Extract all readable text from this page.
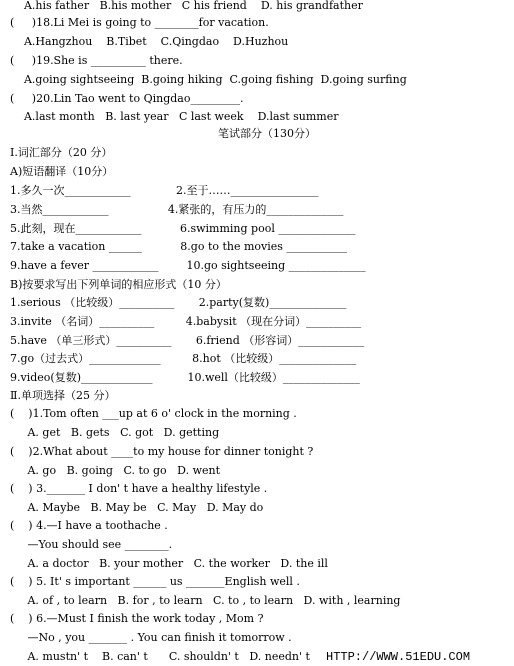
A.his father   B.his mother   C his friend    D. his grandfather
(     )18.Li Mei is going to ________for vacation.
A.Hangzhou    B.Tibet    C.Qingdao    D.Huzhou
(     )19.She is __________ there.
A.going sightseeing  B.going hiking  C.going fishing  D.going surfing
(     )20.Lin Tao went to Qingdao_________.
A.last month   B. last year   C last week    D.last summer
笔试部分（130分）
Ⅰ.词汇部分（20 分）
A)短语翻译（10分）
1.多久一次____________             2.至于……________________
3.当然____________                 4.紧张的，有压力的______________
5.此刻，现在____________           6.swimming pool ______________
7.take a vacation ______           8.go to the movies ___________
9.have a fever ____________        10.go sightseeing ______________
B)按要求写出下列单词的相应形式（10 分）
1.serious （比较级）__________       2.party(复数)______________
3.invite （名词）__________         4.babysit （现在分词）__________
5.have （单三形式）__________       6.friend （形容词）____________
7.go（过去式）_____________         8.hot （比较级）______________
9.video(复数)_____________          10.well（比较级）______________
Ⅱ.单项选择（25 分）
(    )1.Tom often ___up at 6 o' clock in the morning .
A. get   B. gets   C. got   D. getting
(    )2.What about ____to my house for dinner tonight ?
A. go   B. going   C. to go   D. went
(    ) 3._______ I don' t have a healthy lifestyle .
A. Maybe   B. May be   C. May   D. May do
(    ) 4.—I have a toothache .
—You should see ________.
A. a doctor   B. your mother   C. the worker   D. the ill
(    ) 5. It' s important ______ us _______English well .
A. of , to learn   B. for , to learn   C. to , to learn   D. with , learning
(    ) 6.—Must I finish the work today , Mom ?
—No , you _______ . You can finish it tomorrow .
A. mustn' t    B. can' t      C. shouldn' t   D. needn' t HTTP://WWW.51EDU.COM
